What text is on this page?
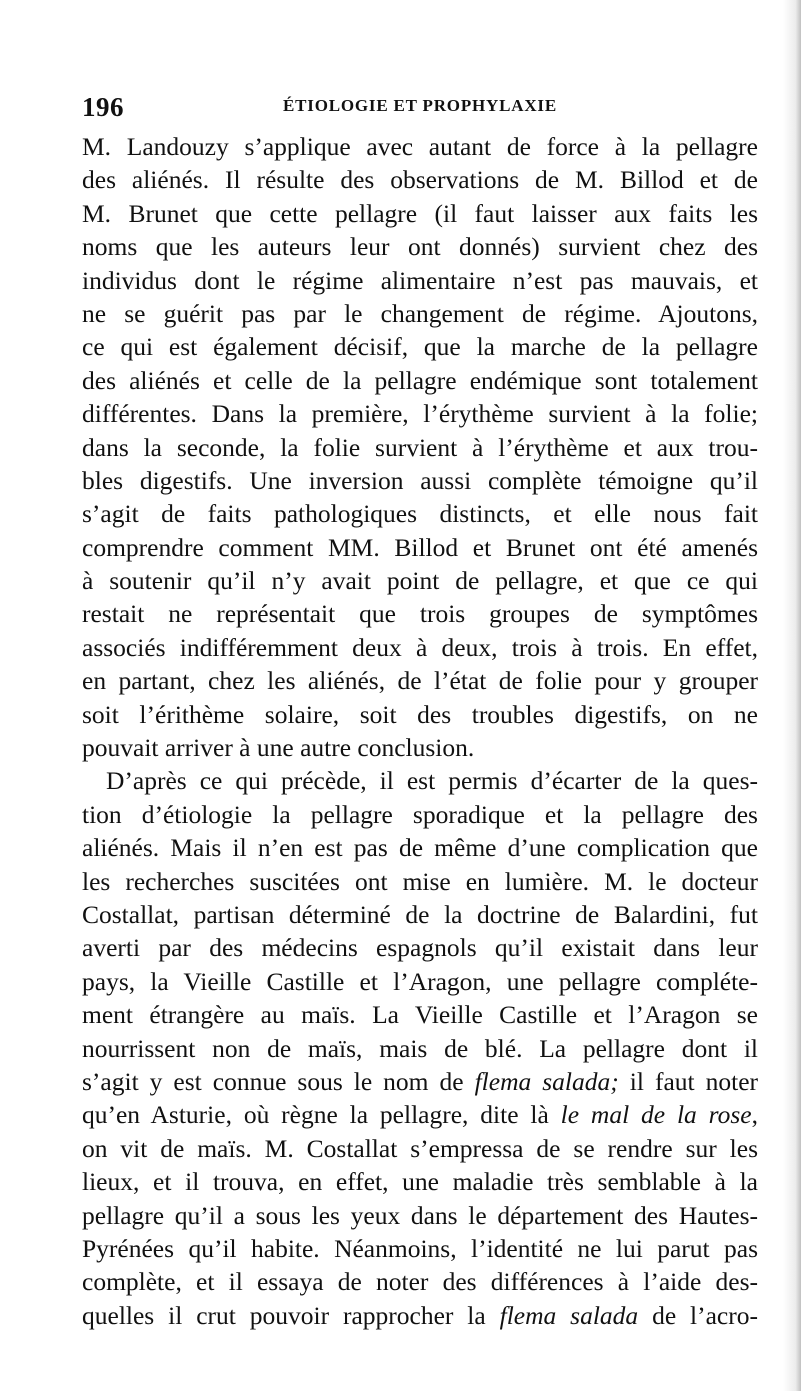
196	ÉTIOLOGIE ET PROPHYLAXIE
M. Landouzy s’applique avec autant de force à la pellagre
des aliénés. Il résulte des observations de M. Billod et de
M. Brunet que cette pellagre (il faut laisser aux faits les
noms que les auteurs leur ont donnés) survient chez des
individus dont le régime alimentaire n’est pas mauvais, et
ne se guérit pas par le changement de régime. Ajoutons,
ce qui est également décisif, que la marche de la pellagre
des aliénés et celle de la pellagre endémique sont totalement
différentes. Dans la première, l’érythème survient à la folie;
dans la seconde, la folie survient à l’érythème et aux trou-
bles digestifs. Une inversion aussi complète témoigne qu’il
s’agit de faits pathologiques distincts, et elle nous fait
comprendre comment MM. Billod et Brunet ont été amenés
à soutenir qu’il n’y avait point de pellagre, et que ce qui
restait ne représentait que trois groupes de symptômes
associés indifféremment deux à deux, trois à trois. En effet,
en partant, chez les aliénés, de l’état de folie pour y grouper
soit l’érithème solaire, soit des troubles digestifs, on ne
pouvait arriver à une autre conclusion.
D’après ce qui précède, il est permis d’écarter de la ques-
tion d’étiologie la pellagre sporadique et la pellagre des
aliénés. Mais il n’en est pas de même d’une complication que
les recherches suscitées ont mise en lumière. M. le docteur
Costallat, partisan déterminé de la doctrine de Balardini, fut
averti par des médecins espagnols qu’il existait dans leur
pays, la Vieille Castille et l’Aragon, une pellagre compléte-
ment étrangère au maïs. La Vieille Castille et l’Aragon se
nourrissent non de maïs, mais de blé. La pellagre dont il
s’agit y est connue sous le nom de flema salada; il faut noter
qu’en Asturie, où règne la pellagre, dite là le mal de la rose,
on vit de maïs. M. Costallat s’empressa de se rendre sur les
lieux, et il trouva, en effet, une maladie très semblable à la
pellagre qu’il a sous les yeux dans le département des Hautes-
Pyrénées qu’il habite. Néanmoins, l’identité ne lui parut pas
complète, et il essaya de noter des différences à l’aide des-
quelles il crut pouvoir rapprocher la flema salada de l’acro-
